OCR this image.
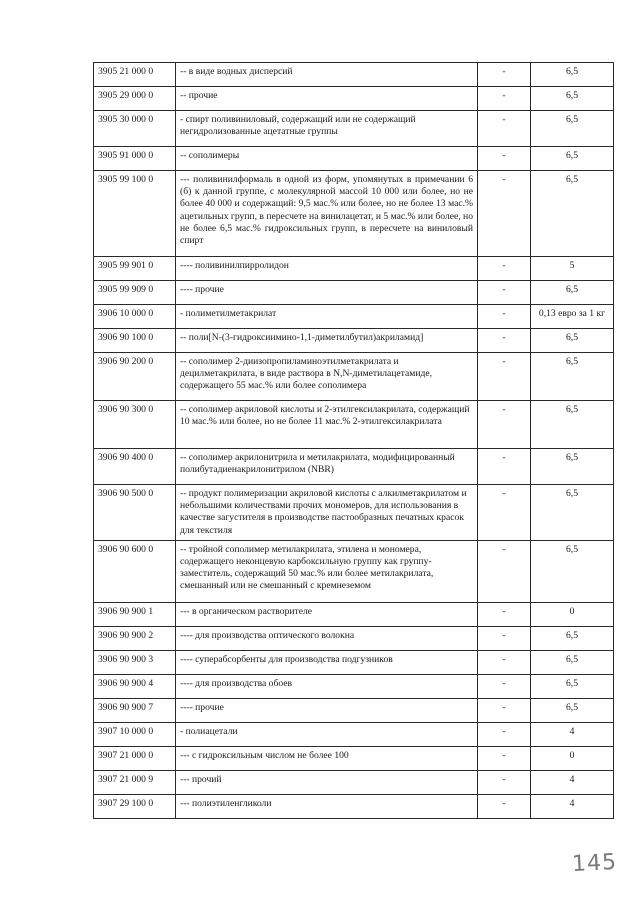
3905 21 000 0	-- в виде водных дисперсий	-	6,5
3905 29 000 0	-- прочие	-	6,5
3905 30 000 0	- спирт поливиниловый, содержащий или не содержащий негидролизованные ацетатные группы	-	6,5
3905 91 000 0	-- сополимеры	-	6,5
3905 99 100 0	--- поливинилформаль в одной из форм, упомянутых в примечании 6 (б) к данной группе, с молекулярной массой 10 000 или более, но не более 40 000 и содержащий: 9,5 мас.% или более, но не более 13 мас.% ацетильных групп, в пересчете на винилацетат, и 5 мас.% или более, но не более 6,5 мас.% гидроксильных групп, в пересчете на виниловый спирт	-	6,5
3905 99 901 0	---- поливинилпирролидон	-	5
3905 99 909 0	---- прочие	-	6,5
3906 10 000 0	- полиметилметакрилат	-	0,13 евро за 1 кг
3906 90 100 0	-- поли[N-(3-гидроксиимино-1,1-диметилбутил)акриламид]	-	6,5
3906 90 200 0	-- сополимер 2-диизопропиламиноэтилметакрилата и децилметакрилата, в виде раствора в N,N-диметилацетамиде, содержащего 55 мас.% или более сополимера	-	6,5
3906 90 300 0	-- сополимер акриловой кислоты и 2-этилгексилакрилата, содержащий 10 мас.% или более, но не более 11 мас.% 2-этилгексилакрилата	-	6,5
3906 90 400 0	-- сополимер акрилонитрила и метилакрилата, модифицированный полибутадиенакрилонитрилом (NBR)	-	6,5
3906 90 500 0	-- продукт полимеризации акриловой кислоты с алкилметакрилатом и небольшими количествами прочих мономеров, для использования в качестве загустителя в производстве пастообразных печатных красок для текстиля	-	6,5
3906 90 600 0	-- тройной сополимер метилакрилата, этилена и мономера, содержащего неконцевую карбоксильную группу как группу-заместитель, содержащий 50 мас.% или более метилакрилата, смешанный или не смешанный с кремнеземом	-	6,5
3906 90 900 1	--- в органическом растворителе	-	0
3906 90 900 2	---- для производства оптического волокна	-	6,5
3906 90 900 3	---- суперабсорбенты для производства подгузников	-	6,5
3906 90 900 4	---- для производства обоев	-	6,5
3906 90 900 7	---- прочие	-	6,5
3907 10 000 0	- полиацетали	-	4
3907 21 000 0	--- с гидроксильным числом не более 100	-	0
3907 21 000 9	--- прочий	-	4
3907 29 100 0	--- полиэтиленгликоли	-	4
145
